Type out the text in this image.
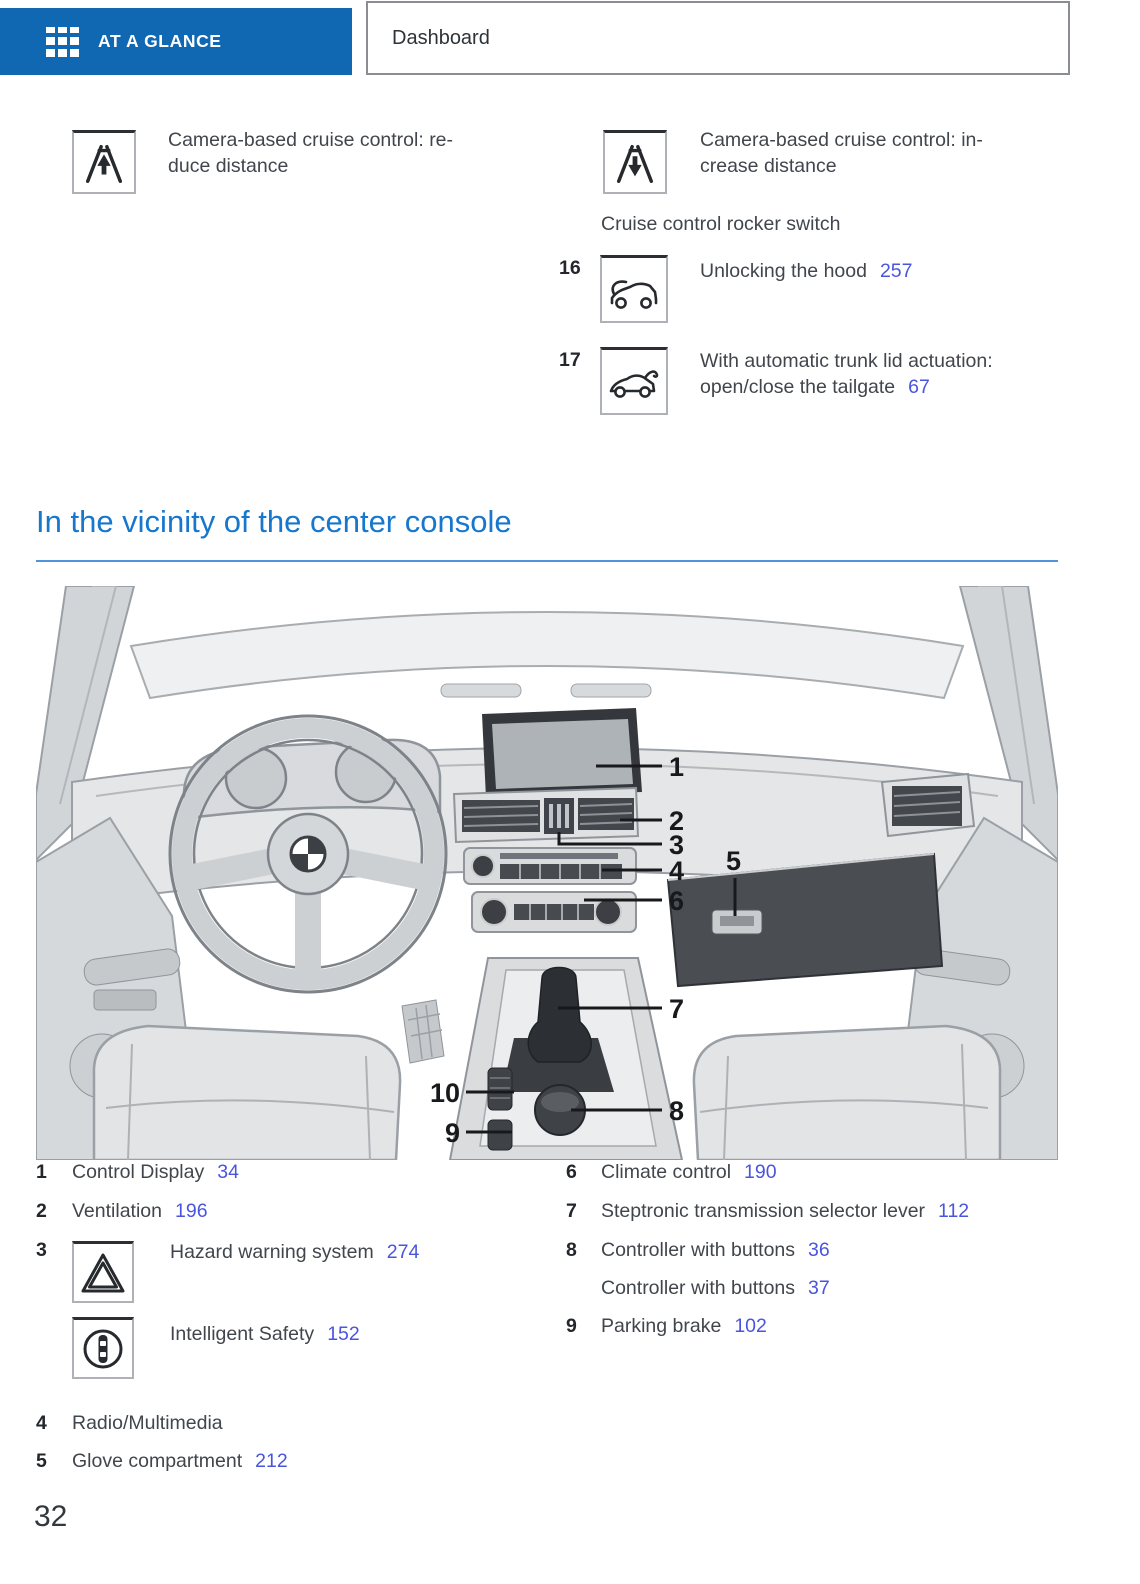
AT A GLANCE	Dashboard
Camera-based cruise control: re-
duce distance
Camera-based cruise control: in-
crease distance
Cruise control rocker switch
16	Unlocking the hood 257
17	With automatic trunk lid actuation:
open/close the tailgate 67
In the vicinity of the center console
1
2
3
4 5
6
7
8
9
10
1 Control Display 34
2 Ventilation 196
3	Hazard warning system 274
Intelligent Safety 152
4 Radio/Multimedia
5 Glove compartment 212
6 Climate control 190
7 Steptronic transmission selector lever 112
8 Controller with buttons 36
Controller with buttons 37
9 Parking brake 102
32
